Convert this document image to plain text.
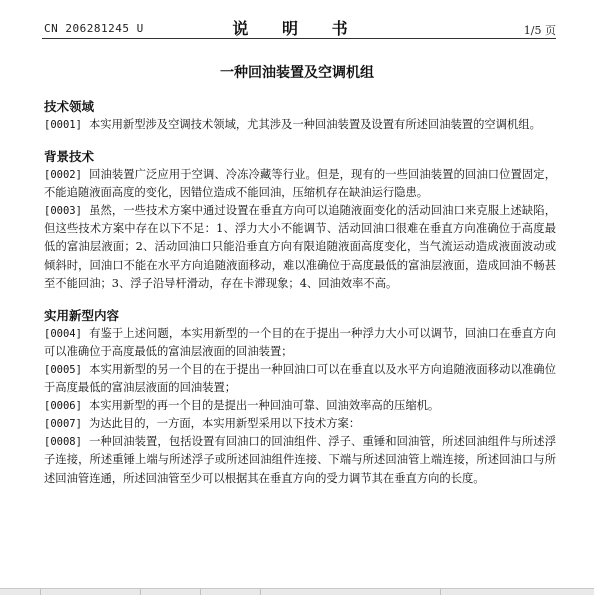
CN 206281245 U	说 明 书	1/5 页
一种回油装置及空调机组
技术领域

[0001] 本实用新型涉及空调技术领域，尤其涉及一种回油装置及设置有所述回油装置的空调机组。

背景技术

[0002] 回油装置广泛应用于空调、冷冻冷藏等行业。但是，现有的一些回油装置的回油口位置固定，不能追随液面高度的变化，因错位造成不能回油，压缩机存在缺油运行隐患。

[0003] 虽然，一些技术方案中通过设置在垂直方向可以追随液面变化的活动回油口来克服上述缺陷，但这些技术方案中存在以下不足：1、浮力大小不能调节、活动回油口很难在垂直方向准确位于高度最低的富油层液面；2、活动回油口只能沿垂直方向有限追随液面高度变化，当气流运动造成液面波动或倾斜时，回油口不能在水平方向追随液面移动，难以准确位于高度最低的富油层液面，造成回油不畅甚至不能回油；3、浮子沿导杆滑动，存在卡滞现象；4、回油效率不高。

实用新型内容

[0004] 有鉴于上述问题，本实用新型的一个目的在于提出一种浮力大小可以调节，回油口在垂直方向可以准确位于高度最低的富油层液面的回油装置；

[0005] 本实用新型的另一个目的在于提出一种回油口可以在垂直以及水平方向追随液面移动以准确位于高度最低的富油层液面的回油装置；

[0006] 本实用新型的再一个目的是提出一种回油可靠、回油效率高的压缩机。

[0007] 为达此目的，一方面，本实用新型采用以下技术方案：

[0008] 一种回油装置，包括设置有回油口的回油组件、浮子、重锤和回油管，所述回油组件与所述浮子连接，所述重锤上端与所述浮子或所述回油组件连接、下端与所述回油管上端连接，所述回油口与所述回油管连通，所述回油管至少可以根据其在垂直方向的受力调节其在垂直方向的长度。
